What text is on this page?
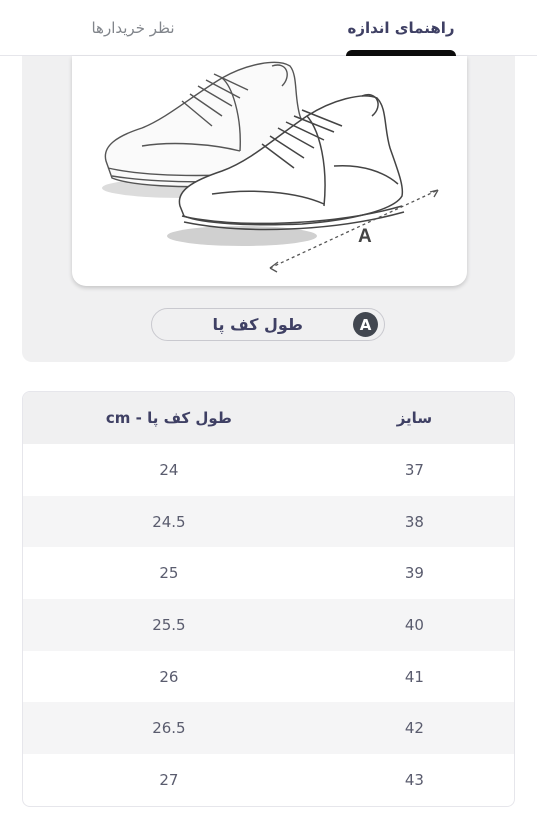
راهنمای اندازه
نظر خریدارها
A
A
طول کف پا
سایز
طول کف پا - cm
37
24
38
24.5
39
25
40
25.5
41
26
42
26.5
43
27
